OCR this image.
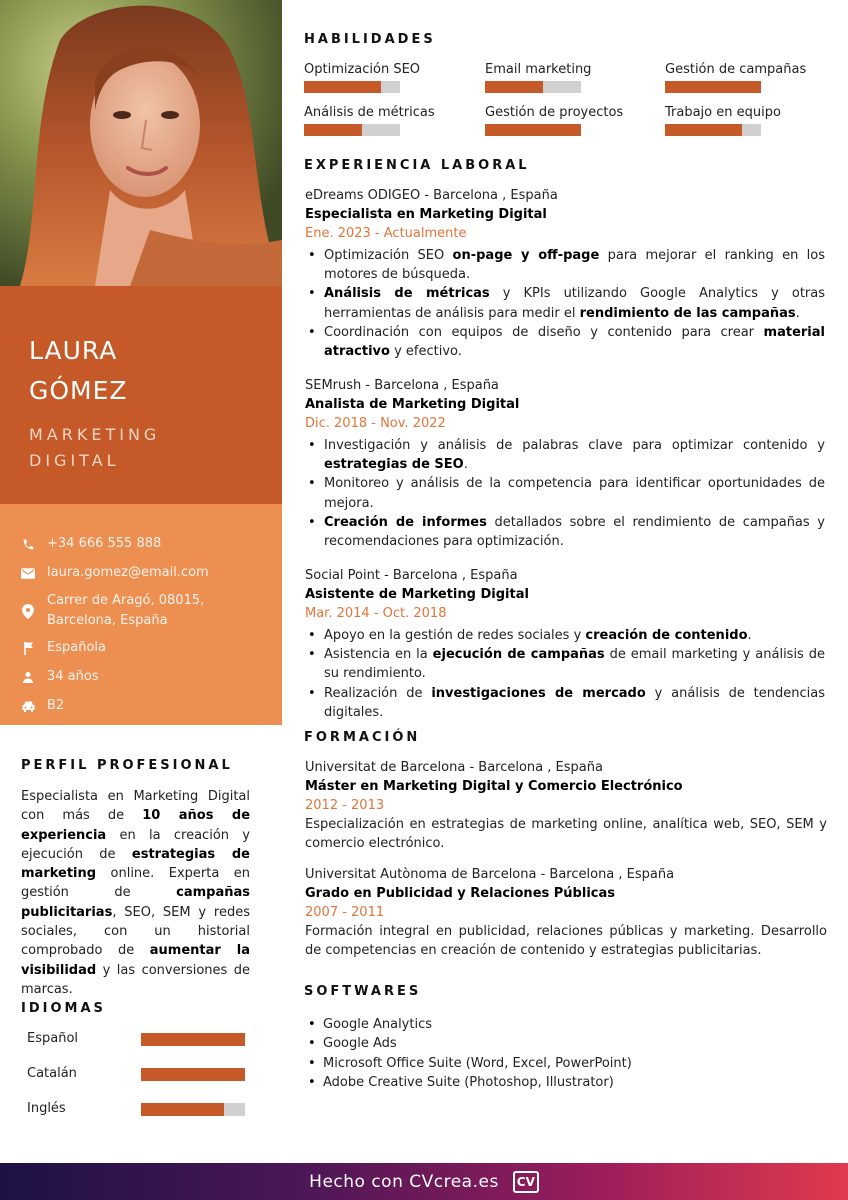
LAURA
GÓMEZ
MARKETING
DIGITAL
+34 666 555 888
laura.gomez@email.com
Carrer de Aragó, 08015,
Barcelona, España
Española
34 años
B2
PERFIL PROFESIONAL
Especialista en Marketing Digital con más de 10 años de experiencia en la creación y ejecución de estrategias de marketing online. Experta en gestión de campañas publicitarias, SEO, SEM y redes sociales, con un historial comprobado de aumentar la visibilidad y las conversiones de marcas.
IDIOMAS
Español
Catalán
Inglés
HABILIDADES
Optimización SEO	Email marketing	Gestión de campañas
Análisis de métricas	Gestión de proyectos	Trabajo en equipo
EXPERIENCIA LABORAL
eDreams ODIGEO - Barcelona , España
Especialista en Marketing Digital
Ene. 2023 - Actualmente
• Optimización SEO on-page y off-page para mejorar el ranking en los motores de búsqueda.
• Análisis de métricas y KPIs utilizando Google Analytics y otras herramientas de análisis para medir el rendimiento de las campañas.
• Coordinación con equipos de diseño y contenido para crear material atractivo y efectivo.
SEMrush - Barcelona , España
Analista de Marketing Digital
Dic. 2018 - Nov. 2022
• Investigación y análisis de palabras clave para optimizar contenido y estrategias de SEO.
• Monitoreo y análisis de la competencia para identificar oportunidades de mejora.
• Creación de informes detallados sobre el rendimiento de campañas y recomendaciones para optimización.
Social Point - Barcelona , España
Asistente de Marketing Digital
Mar. 2014 - Oct. 2018
• Apoyo en la gestión de redes sociales y creación de contenido.
• Asistencia en la ejecución de campañas de email marketing y análisis de su rendimiento.
• Realización de investigaciones de mercado y análisis de tendencias digitales.
FORMACIÓN
Universitat de Barcelona - Barcelona , España
Máster en Marketing Digital y Comercio Electrónico
2012 - 2013
Especialización en estrategias de marketing online, analítica web, SEO, SEM y comercio electrónico.
Universitat Autònoma de Barcelona - Barcelona , España
Grado en Publicidad y Relaciones Públicas
2007 - 2011
Formación integral en publicidad, relaciones públicas y marketing. Desarrollo de competencias en creación de contenido y estrategias publicitarias.
SOFTWARES
• Google Analytics
• Google Ads
• Microsoft Office Suite (Word, Excel, PowerPoint)
• Adobe Creative Suite (Photoshop, Illustrator)
Hecho con CVcrea.es	CV
